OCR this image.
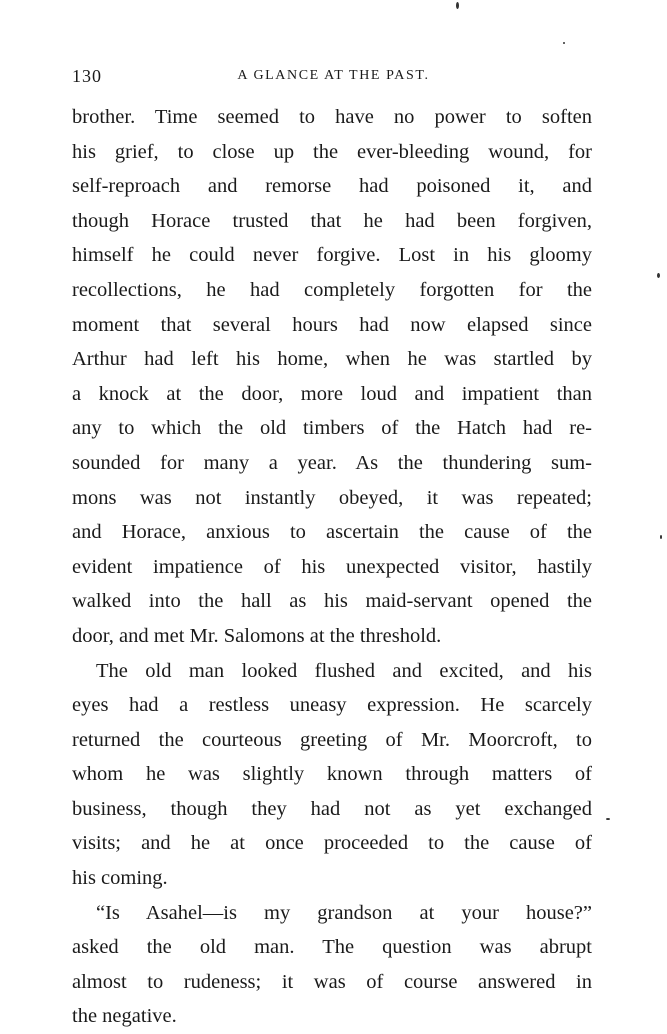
130	A GLANCE AT THE PAST.
brother. Time seemed to have no power to soften
his grief, to close up the ever-bleeding wound, for
self-reproach and remorse had poisoned it, and
though Horace trusted that he had been forgiven,
himself he could never forgive. Lost in his gloomy
recollections, he had completely forgotten for the
moment that several hours had now elapsed since
Arthur had left his home, when he was startled by
a knock at the door, more loud and impatient than
any to which the old timbers of the Hatch had re-
sounded for many a year. As the thundering sum-
mons was not instantly obeyed, it was repeated;
and Horace, anxious to ascertain the cause of the
evident impatience of his unexpected visitor, hastily
walked into the hall as his maid-servant opened the
door, and met Mr. Salomons at the threshold.
The old man looked flushed and excited, and his
eyes had a restless uneasy expression. He scarcely
returned the courteous greeting of Mr. Moorcroft, to
whom he was slightly known through matters of
business, though they had not as yet exchanged
visits; and he at once proceeded to the cause of
his coming.
“Is Asahel—is my grandson at your house?”
asked the old man. The question was abrupt
almost to rudeness; it was of course answered in
the negative.
